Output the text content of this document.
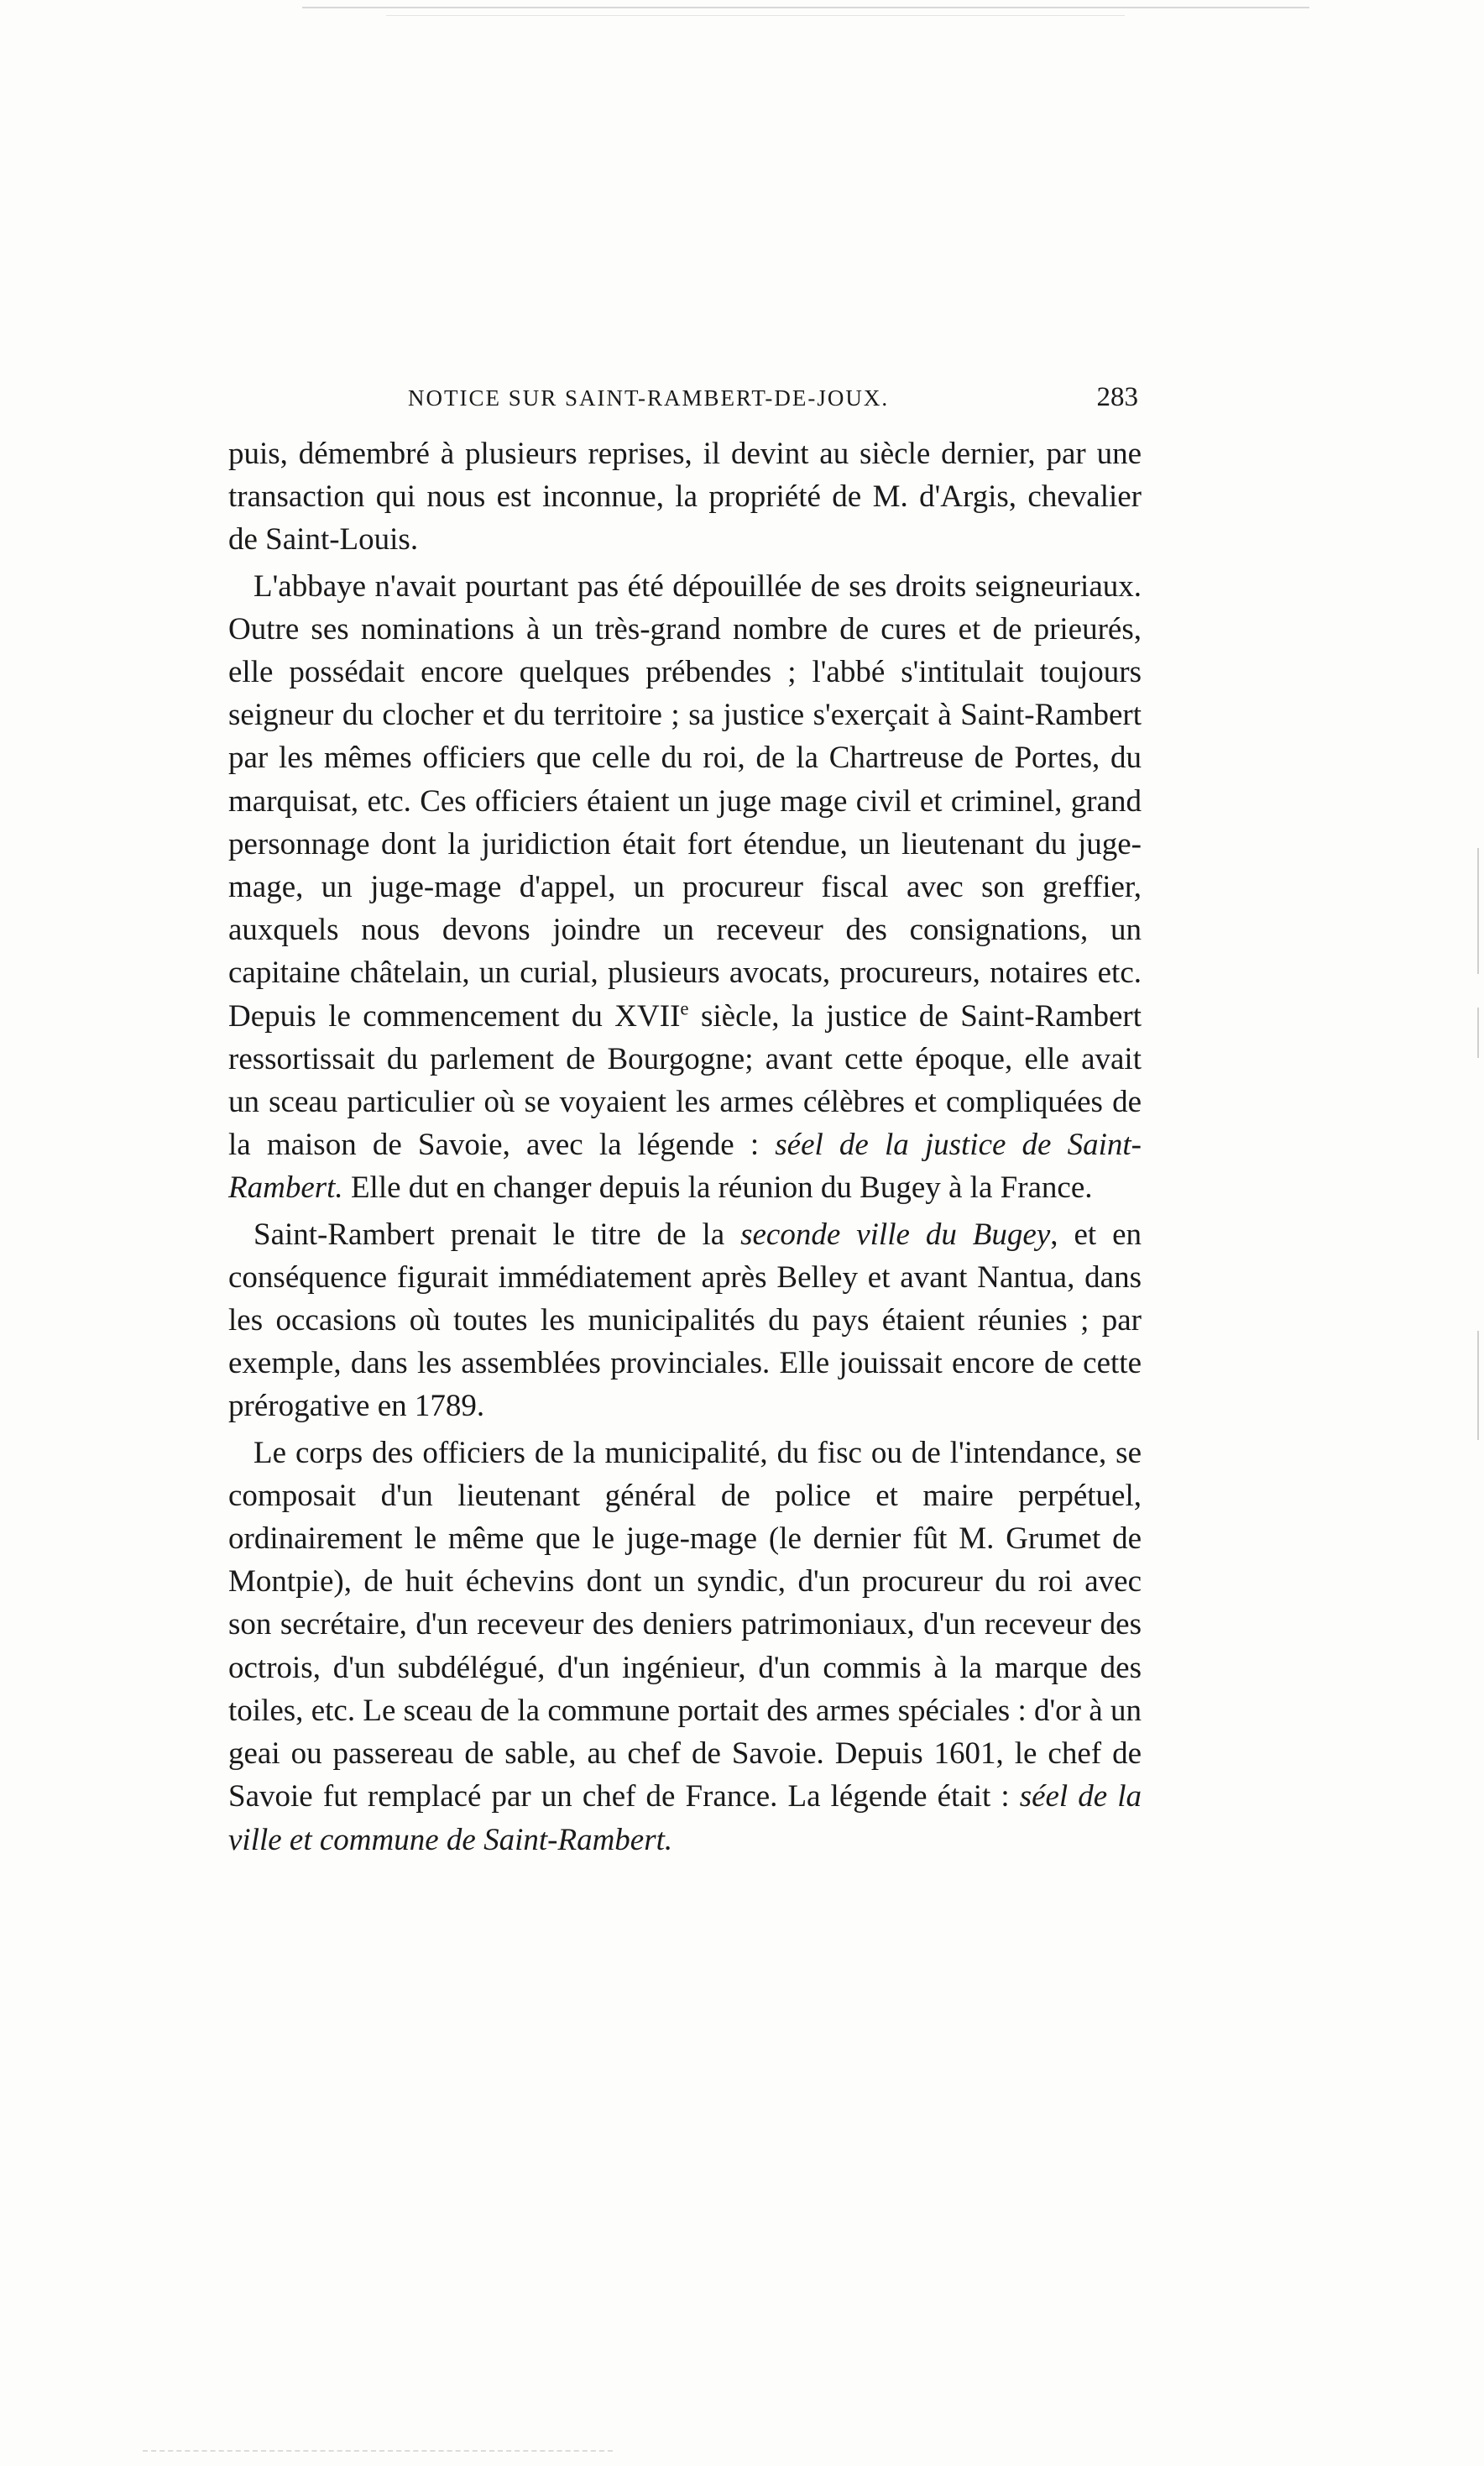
NOTICE SUR SAINT-RAMBERT-DE-JOUX.	283

puis, démembré à plusieurs reprises, il devint au siècle dernier, par une transaction qui nous est inconnue, la propriété de M. d'Argis, chevalier de Saint-Louis.

L'abbaye n'avait pourtant pas été dépouillée de ses droits seigneuriaux. Outre ses nominations à un très-grand nombre de cures et de prieurés, elle possédait encore quelques prébendes ; l'abbé s'intitulait toujours seigneur du clocher et du territoire ; sa justice s'exerçait à Saint-Rambert par les mêmes officiers que celle du roi, de la Chartreuse de Portes, du marquisat, etc. Ces officiers étaient un juge mage civil et criminel, grand personnage dont la juridiction était fort étendue, un lieutenant du juge-mage, un juge-mage d'appel, un procureur fiscal avec son greffier, auxquels nous devons joindre un receveur des consignations, un capitaine châtelain, un curial, plusieurs avocats, procureurs, notaires etc. Depuis le commencement du XVIIe siècle, la justice de Saint-Rambert ressortissait du parlement de Bourgogne; avant cette époque, elle avait un sceau particulier où se voyaient les armes célèbres et compliquées de la maison de Savoie, avec la légende : séel de la justice de Saint-Rambert. Elle dut en changer depuis la réunion du Bugey à la France.

Saint-Rambert prenait le titre de la seconde ville du Bugey, et en conséquence figurait immédiatement après Belley et avant Nantua, dans les occasions où toutes les municipalités du pays étaient réunies ; par exemple, dans les assemblées provinciales. Elle jouissait encore de cette prérogative en 1789.

Le corps des officiers de la municipalité, du fisc ou de l'intendance, se composait d'un lieutenant général de police et maire perpétuel, ordinairement le même que le juge-mage (le dernier fût M. Grumet de Montpie), de huit échevins dont un syndic, d'un procureur du roi avec son secrétaire, d'un receveur des deniers patrimoniaux, d'un receveur des octrois, d'un subdélégué, d'un ingénieur, d'un commis à la marque des toiles, etc. Le sceau de la commune portait des armes spéciales : d'or à un geai ou passereau de sable, au chef de Savoie. Depuis 1601, le chef de Savoie fut remplacé par un chef de France. La légende était : séel de la ville et commune de Saint-Rambert.
